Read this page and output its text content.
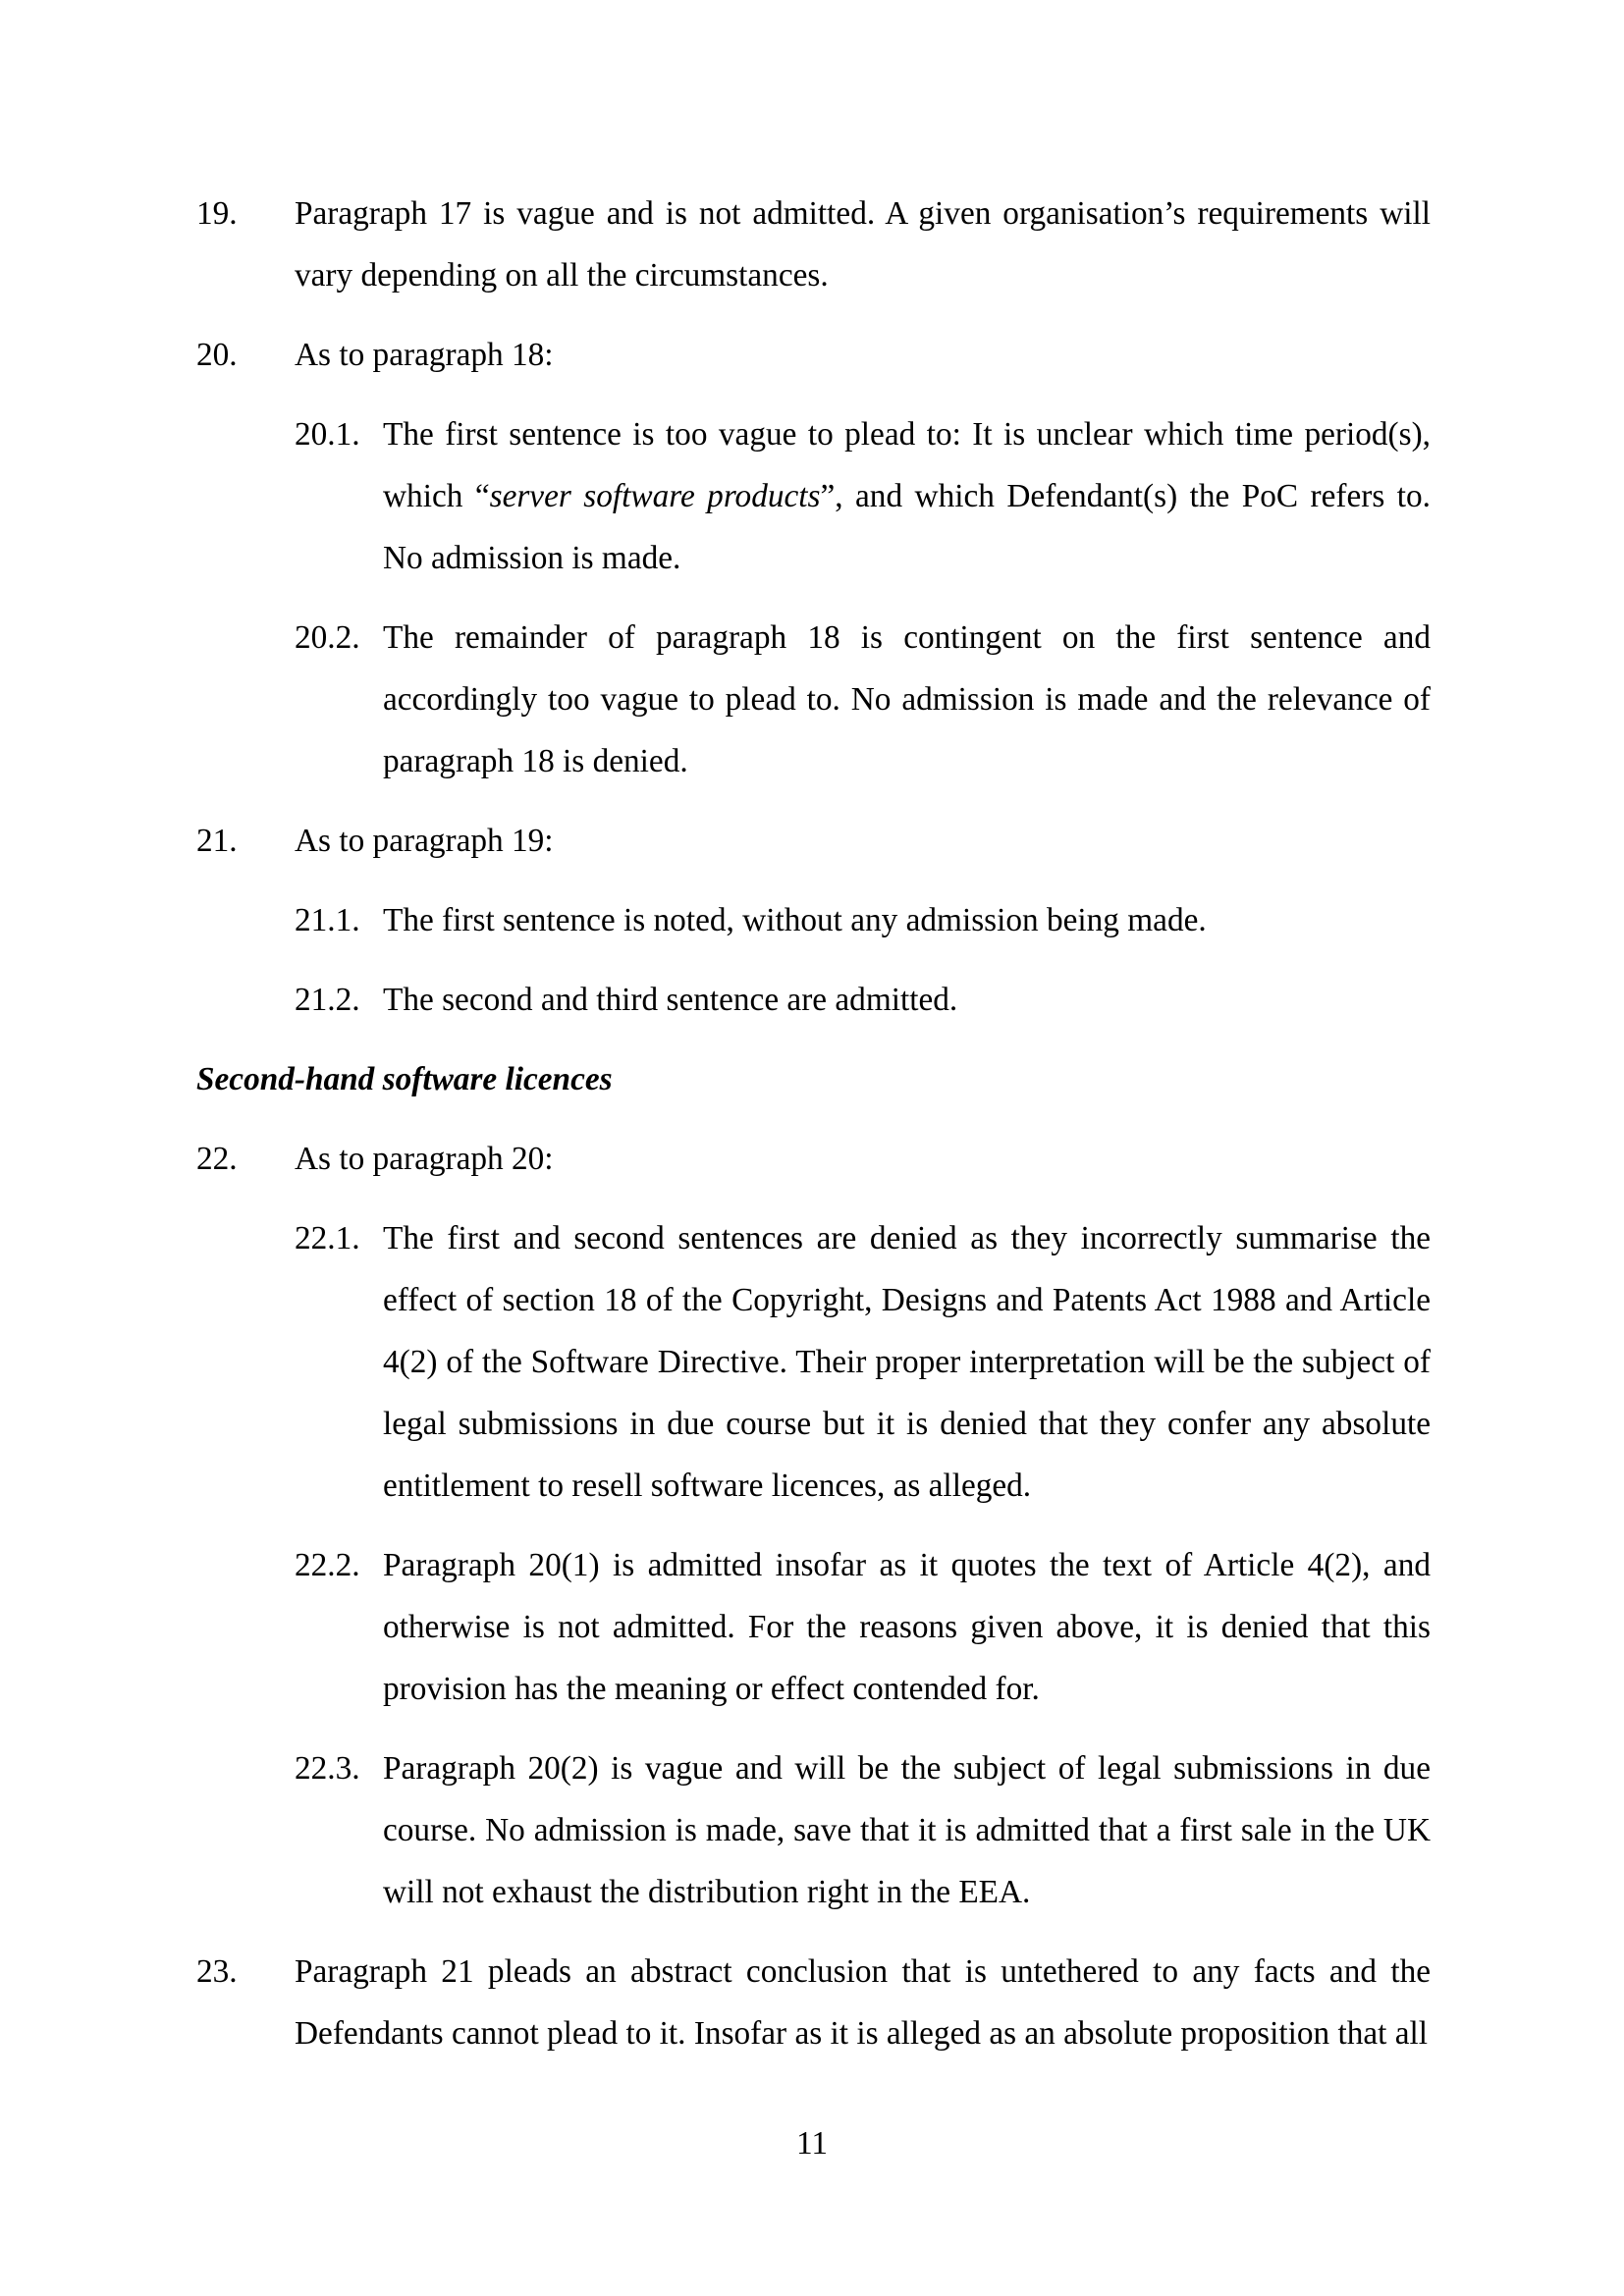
19.	Paragraph 17 is vague and is not admitted. A given organisation’s requirements will vary depending on all the circumstances.
20.	As to paragraph 18:
20.1. The first sentence is too vague to plead to: It is unclear which time period(s), which “server software products”, and which Defendant(s) the PoC refers to. No admission is made.
20.2. The remainder of paragraph 18 is contingent on the first sentence and accordingly too vague to plead to. No admission is made and the relevance of paragraph 18 is denied.
21.	As to paragraph 19:
21.1. The first sentence is noted, without any admission being made.
21.2. The second and third sentence are admitted.
Second-hand software licences
22.	As to paragraph 20:
22.1. The first and second sentences are denied as they incorrectly summarise the effect of section 18 of the Copyright, Designs and Patents Act 1988 and Article 4(2) of the Software Directive. Their proper interpretation will be the subject of legal submissions in due course but it is denied that they confer any absolute entitlement to resell software licences, as alleged.
22.2. Paragraph 20(1) is admitted insofar as it quotes the text of Article 4(2), and otherwise is not admitted. For the reasons given above, it is denied that this provision has the meaning or effect contended for.
22.3. Paragraph 20(2) is vague and will be the subject of legal submissions in due course. No admission is made, save that it is admitted that a first sale in the UK will not exhaust the distribution right in the EEA.
23.	Paragraph 21 pleads an abstract conclusion that is untethered to any facts and the Defendants cannot plead to it. Insofar as it is alleged as an absolute proposition that all
11
